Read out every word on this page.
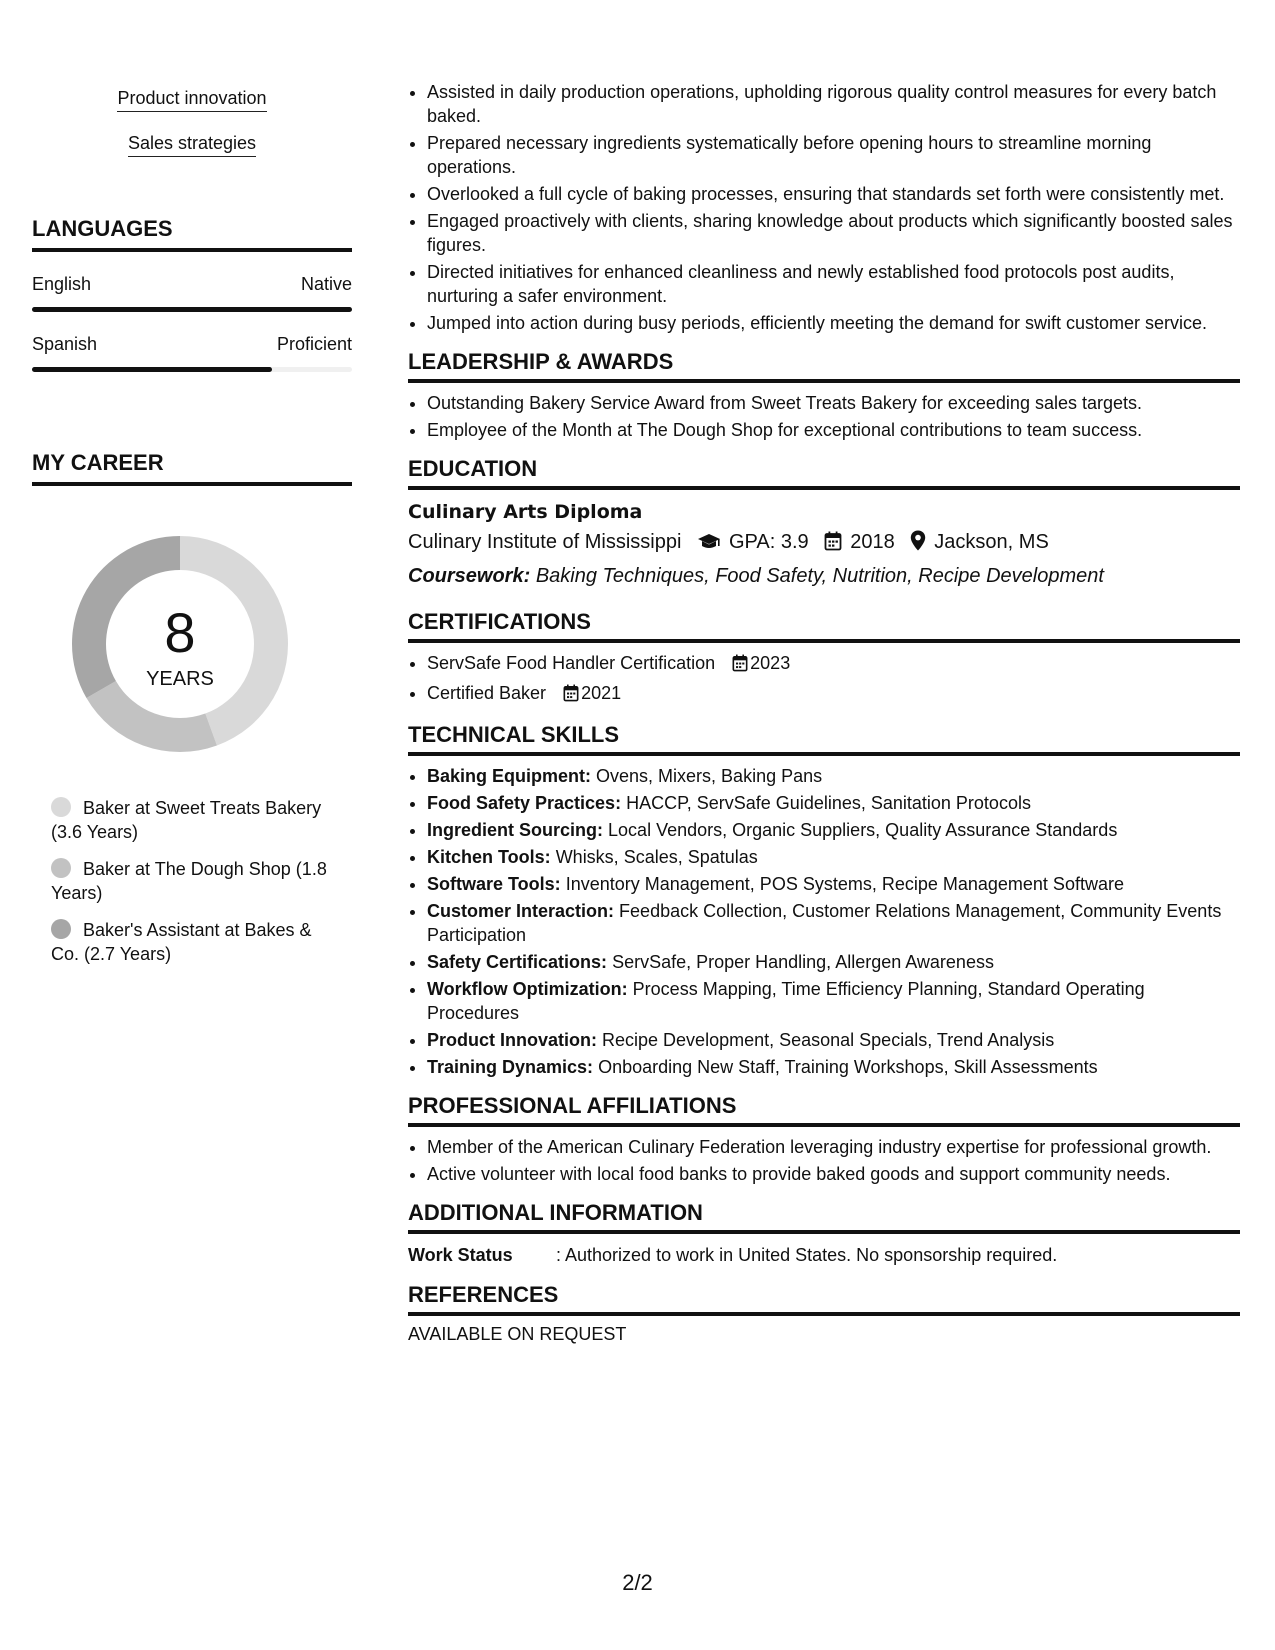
Product innovation
Sales strategies
LANGUAGES
English	Native
Spanish	Proficient
MY CAREER
8
YEARS
Baker at Sweet Treats Bakery (3.6 Years)
Baker at The Dough Shop (1.8 Years)
Baker's Assistant at Bakes & Co. (2.7 Years)
• Assisted in daily production operations, upholding rigorous quality control measures for every batch baked.
• Prepared necessary ingredients systematically before opening hours to streamline morning operations.
• Overlooked a full cycle of baking processes, ensuring that standards set forth were consistently met.
• Engaged proactively with clients, sharing knowledge about products which significantly boosted sales figures.
• Directed initiatives for enhanced cleanliness and newly established food protocols post audits, nurturing a safer environment.
• Jumped into action during busy periods, efficiently meeting the demand for swift customer service.
LEADERSHIP & AWARDS
• Outstanding Bakery Service Award from Sweet Treats Bakery for exceeding sales targets.
• Employee of the Month at The Dough Shop for exceptional contributions to team success.
EDUCATION
Culinary Arts Diploma
Culinary Institute of Mississippi GPA: 3.9 2018 Jackson, MS
Coursework: Baking Techniques, Food Safety, Nutrition, Recipe Development
CERTIFICATIONS
• ServSafe Food Handler Certification 2023
• Certified Baker 2021
TECHNICAL SKILLS
• Baking Equipment: Ovens, Mixers, Baking Pans
• Food Safety Practices: HACCP, ServSafe Guidelines, Sanitation Protocols
• Ingredient Sourcing: Local Vendors, Organic Suppliers, Quality Assurance Standards
• Kitchen Tools: Whisks, Scales, Spatulas
• Software Tools: Inventory Management, POS Systems, Recipe Management Software
• Customer Interaction: Feedback Collection, Customer Relations Management, Community Events Participation
• Safety Certifications: ServSafe, Proper Handling, Allergen Awareness
• Workflow Optimization: Process Mapping, Time Efficiency Planning, Standard Operating Procedures
• Product Innovation: Recipe Development, Seasonal Specials, Trend Analysis
• Training Dynamics: Onboarding New Staff, Training Workshops, Skill Assessments
PROFESSIONAL AFFILIATIONS
• Member of the American Culinary Federation leveraging industry expertise for professional growth.
• Active volunteer with local food banks to provide baked goods and support community needs.
ADDITIONAL INFORMATION
Work Status	: Authorized to work in United States. No sponsorship required.
REFERENCES
AVAILABLE ON REQUEST
2/2
